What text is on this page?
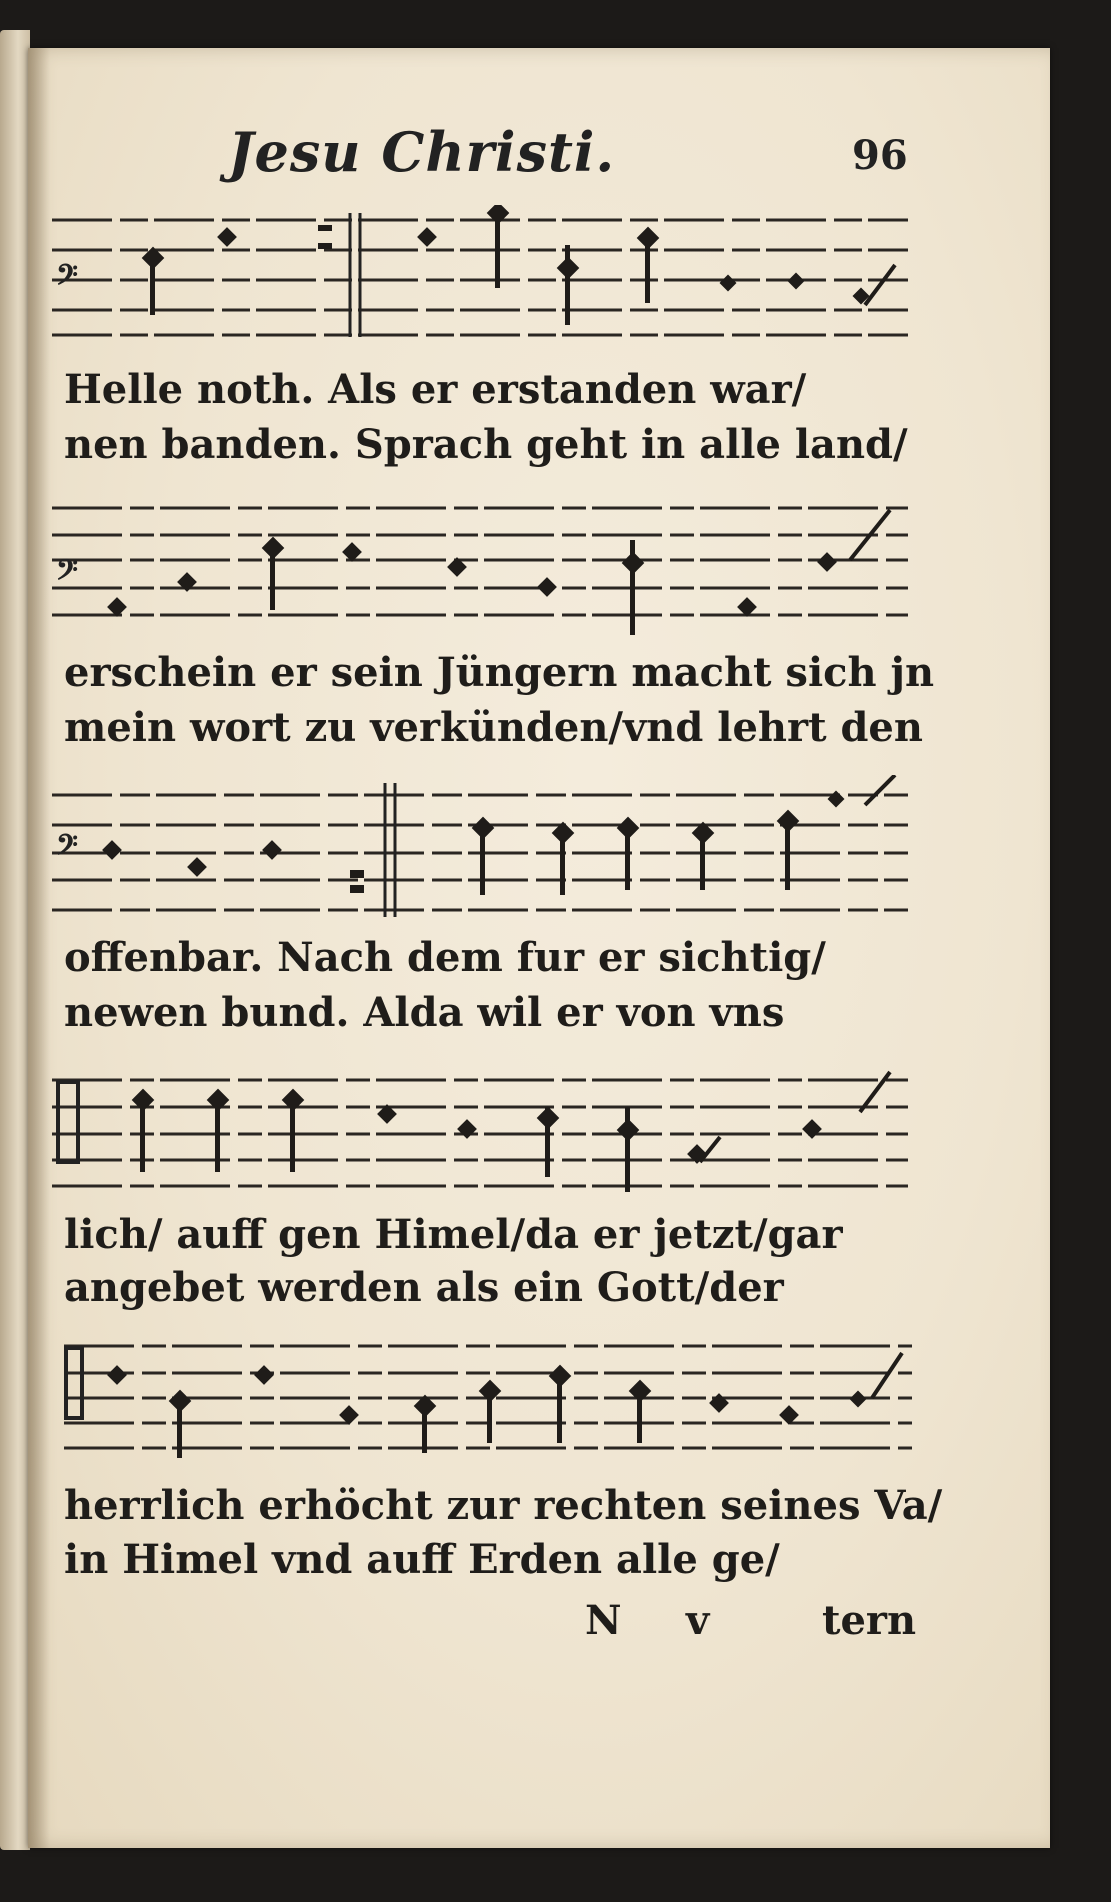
Jesu Christi.	96
𝄢
Helle noth. Als er erstanden war/
nen banden. Sprach geht in alle land/
𝄢
erschein er sein Jüngern macht sich jn
mein wort zu verkünden/vnd lehrt den
𝄢
offenbar. Nach dem fur er sichtig/
newen bund. Alda wil er von vns
lich/ auff gen Himel/da er jetzt/gar
angebet werden als ein Gott/der
herrlich erhöcht zur rechten seines Va/
in Himel vnd auff Erden alle ge/
N v	tern
